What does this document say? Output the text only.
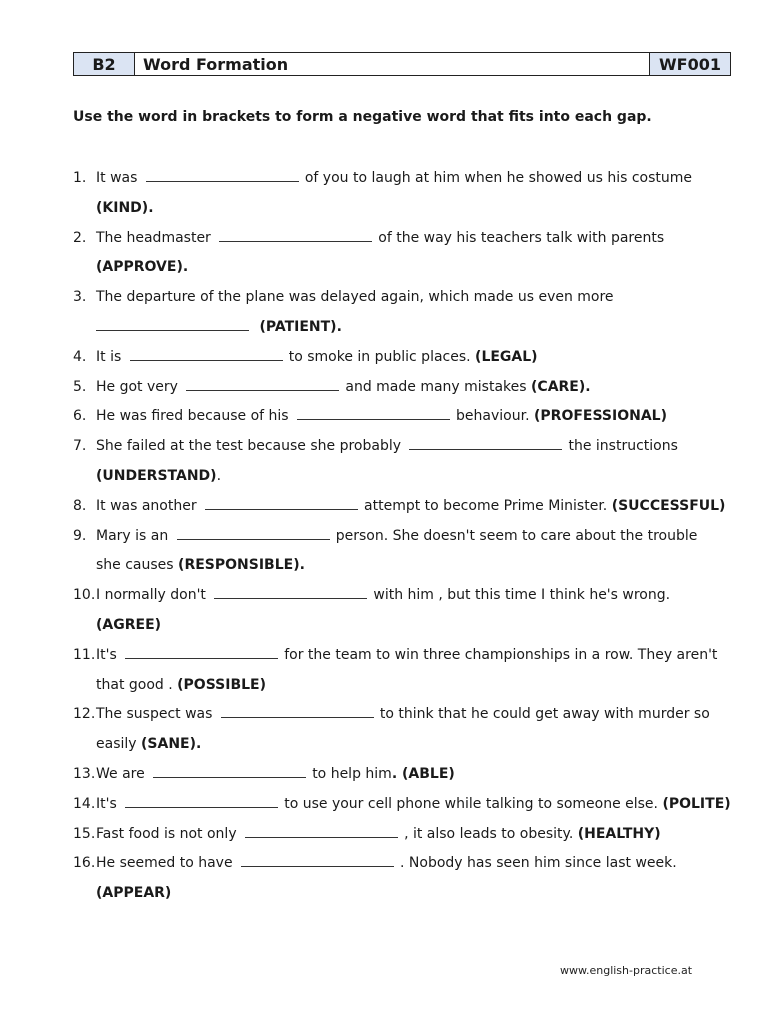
B2	Word Formation	WF001
Use the word in brackets to form a negative word that fits into each gap.
1. It was	of you to laugh at him when he showed us his costume
(KIND).
2. The headmaster	of the way his teachers talk with parents
(APPROVE).
3. The departure of the plane was delayed again, which made us even more
(PATIENT).
4. It is	to smoke in public places. (LEGAL)
5. He got very	and made many mistakes (CARE).
6. He was fired because of his	behaviour. (PROFESSIONAL)
7. She failed at the test because she probably	the instructions
(UNDERSTAND).
8. It was another	attempt to become Prime Minister. (SUCCESSFUL)
9. Mary is an	person. She doesn't seem to care about the trouble
she causes (RESPONSIBLE).
10. I normally don't	with him , but this time I think he's wrong.
(AGREE)
11. It's	for the team to win three championships in a row. They aren't
that good . (POSSIBLE)
12. The suspect was	to think that he could get away with murder so
easily (SANE).
13. We are	to help him. (ABLE)
14. It's	to use your cell phone while talking to someone else. (POLITE)
15. Fast food is not only	, it also leads to obesity. (HEALTHY)
16. He seemed to have	. Nobody has seen him since last week.
(APPEAR)
www.english-practice.at
